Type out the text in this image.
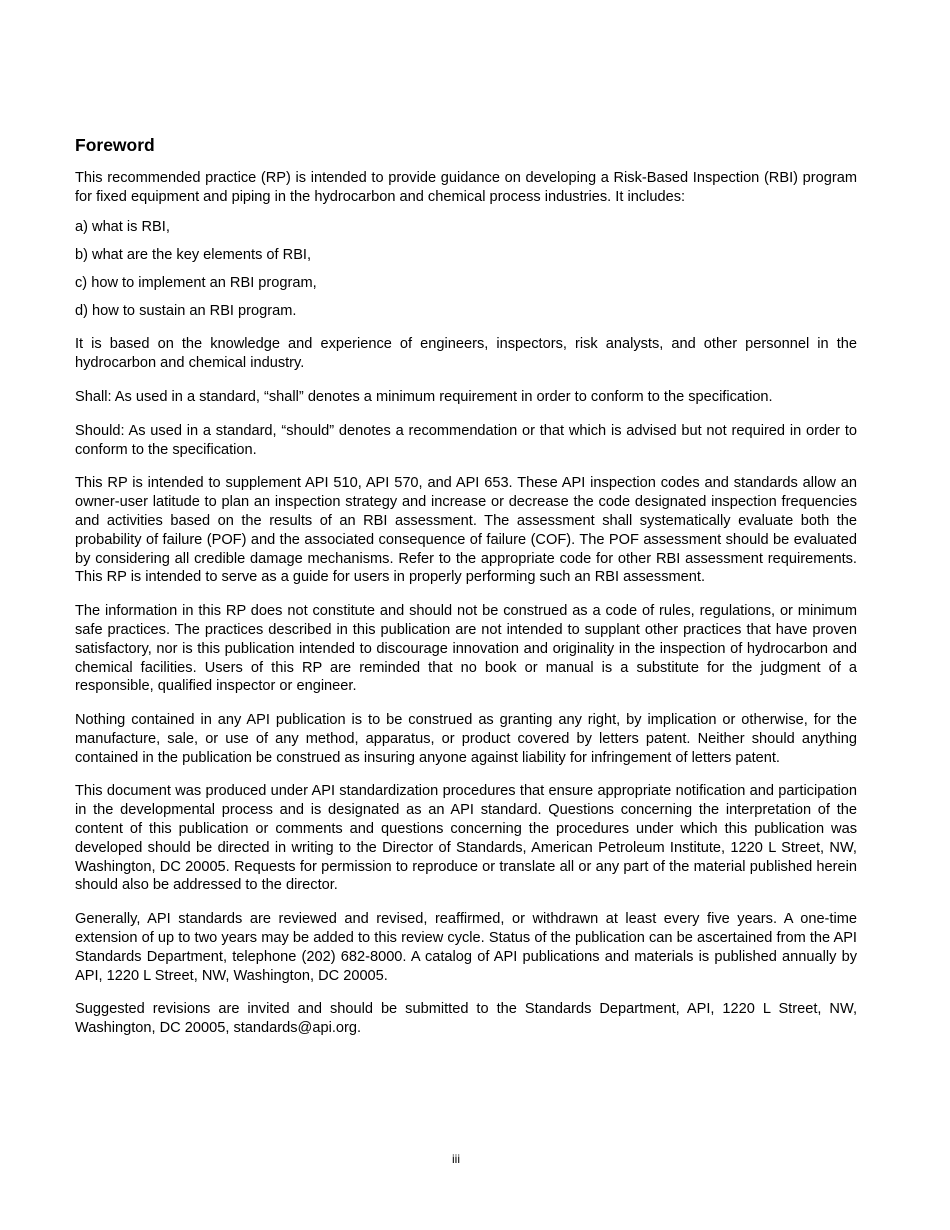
Foreword

This recommended practice (RP) is intended to provide guidance on developing a Risk-Based Inspection (RBI) program for fixed equipment and piping in the hydrocarbon and chemical process industries. It includes:

a) what is RBI,
b) what are the key elements of RBI,
c) how to implement an RBI program,
d) how to sustain an RBI program.

It is based on the knowledge and experience of engineers, inspectors, risk analysts, and other personnel in the hydrocarbon and chemical industry.

Shall: As used in a standard, “shall” denotes a minimum requirement in order to conform to the specification.

Should: As used in a standard, “should” denotes a recommendation or that which is advised but not required in order to conform to the specification.

This RP is intended to supplement API 510, API 570, and API 653. These API inspection codes and standards allow an owner-user latitude to plan an inspection strategy and increase or decrease the code designated inspection frequencies and activities based on the results of an RBI assessment. The assessment shall systematically evaluate both the probability of failure (POF) and the associated consequence of failure (COF). The POF assessment should be evaluated by considering all credible damage mechanisms. Refer to the appropriate code for other RBI assessment requirements. This RP is intended to serve as a guide for users in properly performing such an RBI assessment.

The information in this RP does not constitute and should not be construed as a code of rules, regulations, or minimum safe practices. The practices described in this publication are not intended to supplant other practices that have proven satisfactory, nor is this publication intended to discourage innovation and originality in the inspection of hydrocarbon and chemical facilities. Users of this RP are reminded that no book or manual is a substitute for the judgment of a responsible, qualified inspector or engineer.

Nothing contained in any API publication is to be construed as granting any right, by implication or otherwise, for the manufacture, sale, or use of any method, apparatus, or product covered by letters patent. Neither should anything contained in the publication be construed as insuring anyone against liability for infringement of letters patent.

This document was produced under API standardization procedures that ensure appropriate notification and participation in the developmental process and is designated as an API standard. Questions concerning the interpretation of the content of this publication or comments and questions concerning the procedures under which this publication was developed should be directed in writing to the Director of Standards, American Petroleum Institute, 1220 L Street, NW, Washington, DC 20005. Requests for permission to reproduce or translate all or any part of the material published herein should also be addressed to the director.

Generally, API standards are reviewed and revised, reaffirmed, or withdrawn at least every five years. A one-time extension of up to two years may be added to this review cycle. Status of the publication can be ascertained from the API Standards Department, telephone (202) 682-8000. A catalog of API publications and materials is published annually by API, 1220 L Street, NW, Washington, DC 20005.

Suggested revisions are invited and should be submitted to the Standards Department, API, 1220 L Street, NW, Washington, DC 20005, standards@api.org.

iii
